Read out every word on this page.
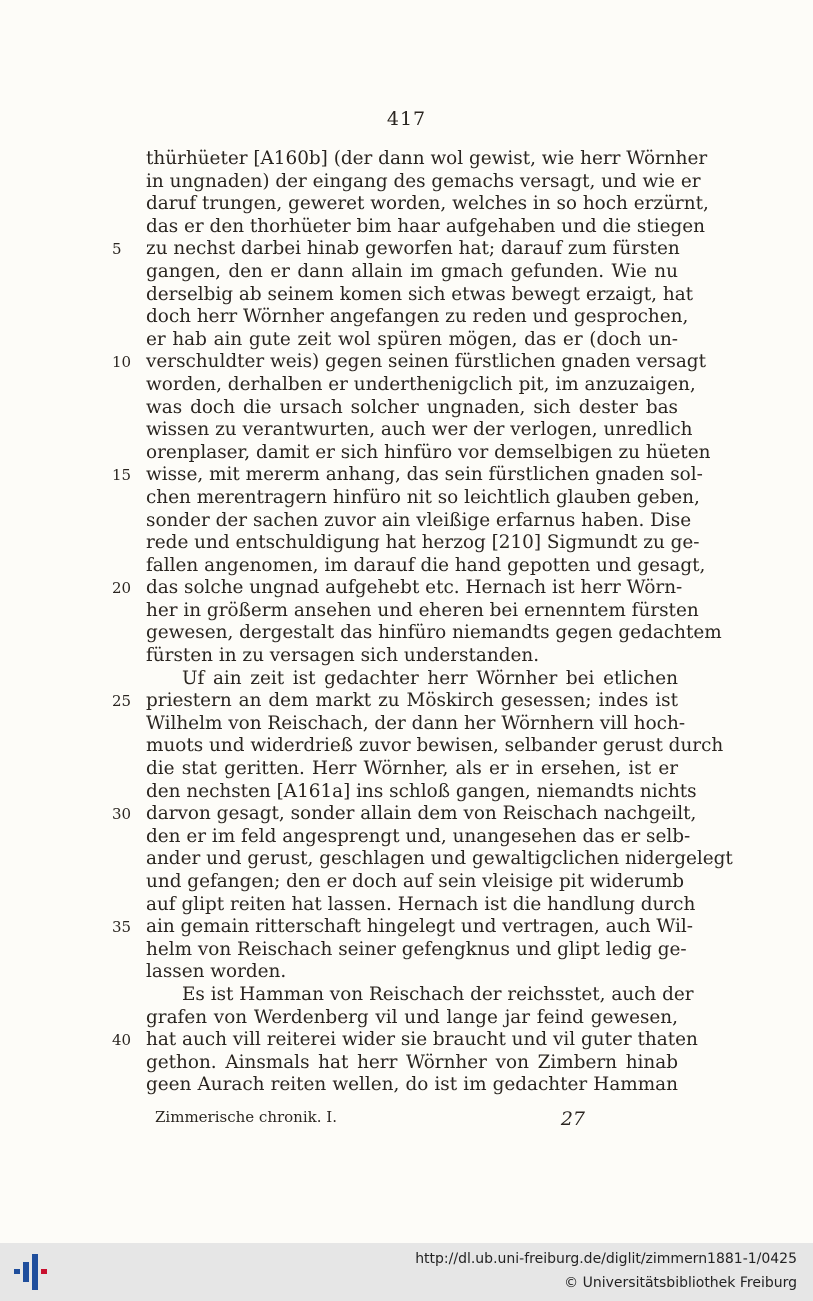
417
thürhüeter [A160b] (der dann wol gewist, wie herr Wörnher
in ungnaden) der eingang des gemachs versagt, und wie er
daruf trungen, geweret worden, welches in so hoch erzürnt,
das er den thorhüeter bim haar aufgehaben und die stiegen
5	zu nechst darbei hinab geworfen hat; darauf zum fürsten
gangen, den er dann allain im gmach gefunden. Wie nu
derselbig ab seinem komen sich etwas bewegt erzaigt, hat
doch herr Wörnher angefangen zu reden und gesprochen,
er hab ain gute zeit wol spüren mögen, das er (doch un-
10 verschuldter weis) gegen seinen fürstlichen gnaden versagt
worden, derhalben er underthenigclich pit, im anzuzaigen,
was doch die ursach solcher ungnaden, sich dester bas
wissen zu verantwurten, auch wer der verlogen, unredlich
orenplaser, damit er sich hinfüro vor demselbigen zu hüeten
15 wisse, mit mererm anhang, das sein fürstlichen gnaden sol-
chen merentragern hinfüro nit so leichtlich glauben geben,
sonder der sachen zuvor ain vleißige erfarnus haben. Dise
rede und entschuldigung hat herzog [210] Sigmundt zu ge-
fallen angenomen, im darauf die hand gepotten und gesagt,
20 das solche ungnad aufgehebt etc. Hernach ist herr Wörn-
her in größerm ansehen und eheren bei ernenntem fürsten
gewesen, dergestalt das hinfüro niemandts gegen gedachtem
fürsten in zu versagen sich understanden.
Uf ain zeit ist gedachter herr Wörnher bei etlichen
25 priestern an dem markt zu Möskirch gesessen; indes ist
Wilhelm von Reischach, der dann her Wörnhern vill hoch-
muots und widerdrieß zuvor bewisen, selbander gerust durch
die stat geritten. Herr Wörnher, als er in ersehen, ist er
den nechsten [A161a] ins schloß gangen, niemandts nichts
30 darvon gesagt, sonder allain dem von Reischach nachgeilt,
den er im feld angesprengt und, unangesehen das er selb-
ander und gerust, geschlagen und gewaltigclichen nidergelegt
und gefangen; den er doch auf sein vleisige pit widerumb
auf glipt reiten hat lassen. Hernach ist die handlung durch
35 ain gemain ritterschaft hingelegt und vertragen, auch Wil-
helm von Reischach seiner gefengknus und glipt ledig ge-
lassen worden.
Es ist Hamman von Reischach der reichsstet, auch der
grafen von Werdenberg vil und lange jar feind gewesen,
40 hat auch vill reiterei wider sie braucht und vil guter thaten
gethon. Ainsmals hat herr Wörnher von Zimbern hinab
geen Aurach reiten wellen, do ist im gedachter Hamman
Zimmerische chronik. I.	27
http://dl.ub.uni-freiburg.de/diglit/zimmern1881-1/0425
© Universitätsbibliothek Freiburg
